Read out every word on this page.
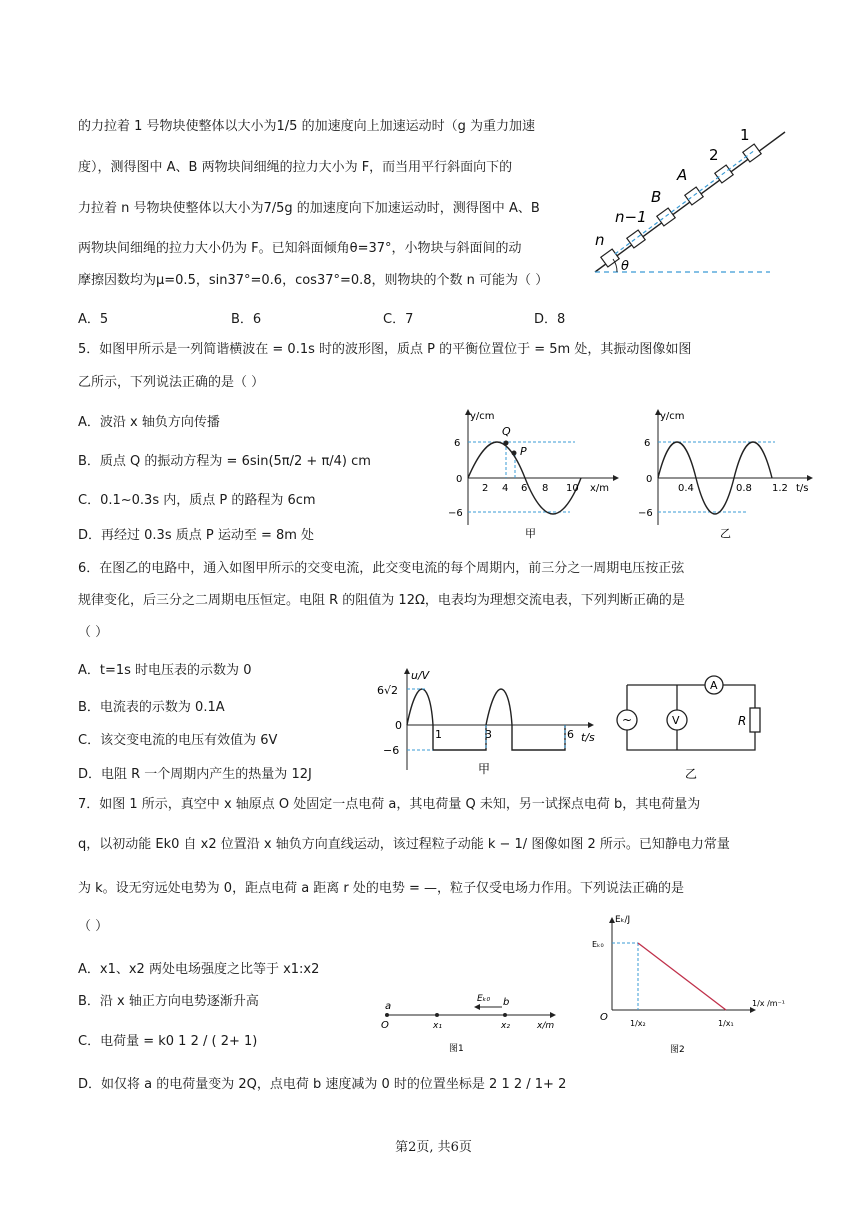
的力拉着 1 号物块使整体以大小为1/5 的加速度向上加速运动时（g 为重力加速
度），测得图中 A、B 两物块间细绳的拉力大小为 F，而当用平行斜面向下的
力拉着 n 号物块使整体以大小为7/5g 的加速度向下加速运动时，测得图中 A、B
两物块间细绳的拉力大小仍为 F。已知斜面倾角θ=37°，小物块与斜面间的动
摩擦因数均为μ=0.5，sin37°=0.6，cos37°=0.8，则物块的个数 n 可能为（ ）
A．5	B．6	C．7	D．8
1
2
A
B
n−1
n
θ
5．如图甲所示是一列简谐横波在 = 0.1s 时的波形图，质点 P 的平衡位置位于 = 5m 处，其振动图像如图
乙所示，下列说法正确的是（ ）
A．波沿 x 轴负方向传播
B．质点 Q 的振动方程为 = 6sin(5π/2 + π/4) cm
C．0.1~0.3s 内，质点 P 的路程为 6cm
D．再经过 0.3s 质点 P 运动至 = 8m 处
Q
P
y/cm
x/m
6
−6
0
2 4 6 8 10
甲
y/cm
t/s
6
−6
0
0.4	0.8 1.2
乙
6．在图乙的电路中，通入如图甲所示的交变电流，此交变电流的每个周期内，前三分之一周期电压按正弦
规律变化，后三分之二周期电压恒定。电阻 R 的阻值为 12Ω，电表均为理想交流电表，下列判断正确的是
（ ）
A．t=1s 时电压表的示数为 0
B．电流表的示数为 0.1A
C．该交变电流的电压有效值为 6V
D．电阻 R 一个周期内产生的热量为 12J
u/V
t/s
6√2
−6
0
1	3	6
甲
~	V
A
R
乙
7．如图 1 所示，真空中 x 轴原点 O 处固定一点电荷 a，其电荷量 Q 未知，另一试探点电荷 b，其电荷量为
q，以初动能 Ek0 自 x2 位置沿 x 轴负方向直线运动，该过程粒子动能 k − 1/ 图像如图 2 所示。已知静电力常量
为 k。设无穷远处电势为 0，距点电荷 a 距离 r 处的电势 = —，粒子仅受电场力作用。下列说法正确的是
（ ）
A．x1、x2 两处电场强度之比等于 x1:x2
B．沿 x 轴正方向电势逐渐升高
C．电荷量 = k0 1 2 / ( 2+ 1)
D．如仅将 a 的电荷量变为 2Q，点电荷 b 速度减为 0 时的位置坐标是 2 1 2 / 1+ 2
a
O	x₁	x₂
b
Eₖ₀
x/m
图1
Eₖ/J
Eₖ₀
O
1/x₂	1/x₁
1/x /m⁻¹
图2
第2页, 共6页
